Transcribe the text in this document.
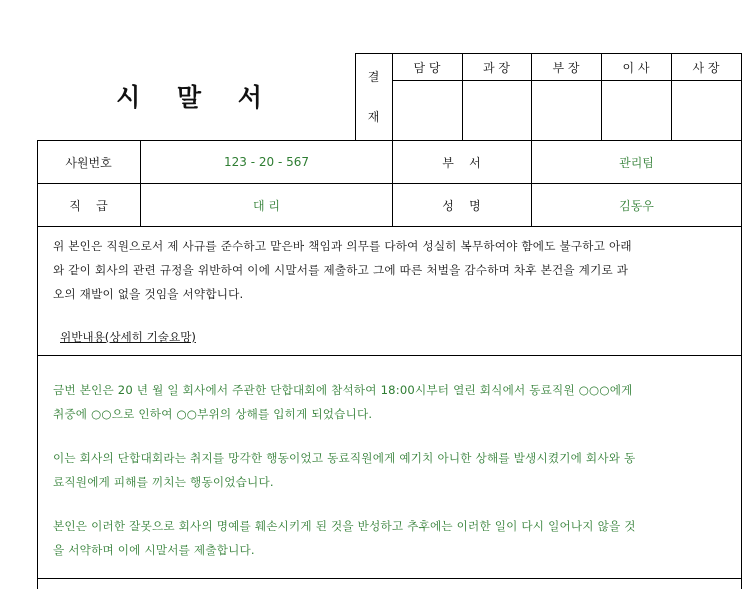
시 말 서
결
재
담 당	과 장	부 장	이 사	사 장
사원번호	123 - 20 - 567	부    서	관리팀
직    급	대 리	성    명	김동우
위 본인은 직원으로서 제 사규를 준수하고 맡은바 책임과 의무를 다하여 성실히 복무하여야 함에도 불구하고 아래
와 같이 회사의 관련 규정을 위반하여 이에 시말서를 제출하고 그에 따른 처벌을 감수하며 차후 본건을 계기로 과
오의 재발이 없을 것임을 서약합니다.
위반내용(상세히 기술요망)
금번 본인은 20 년 월 일 회사에서 주관한 단합대회에 참석하여 18:00시부터 열린 회식에서 동료직원 ○○○에게
취중에 ○○으로 인하여 ○○부위의 상해를 입히게 되었습니다.
이는 회사의 단합대회라는 취지를 망각한 행동이었고 동료직원에게 예기치 아니한 상해를 발생시켰기에 회사와 동
료직원에게 피해를 끼치는 행동이었습니다.
본인은 이러한 잘못으로 회사의 명예를 훼손시키게 된 것을 반성하고 추후에는 이러한 일이 다시 일어나지 않을 것
을 서약하며 이에 시말서를 제출합니다.
